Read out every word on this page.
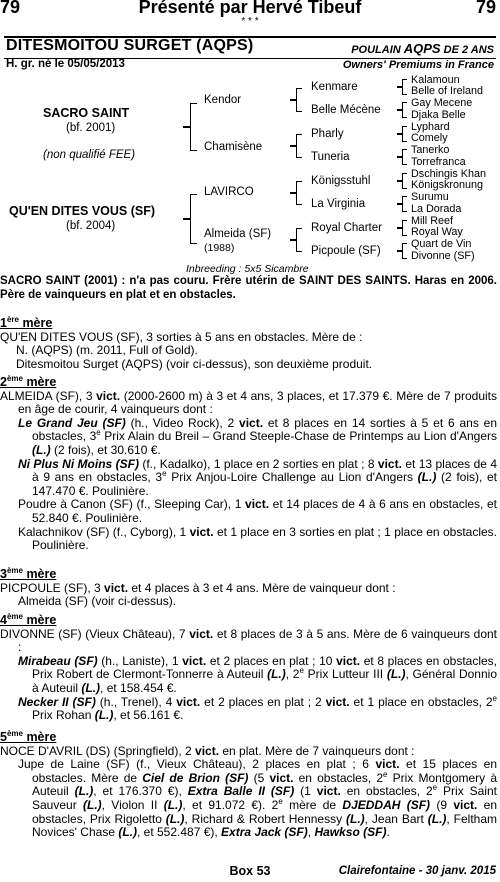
79	Présenté par Hervé Tibeuf	79
* * *
DITESMOITOU SURGET (AQPS)	POULAIN AQPS DE 2 ANS
H. gr. né le 05/05/2013	Owners' Premiums in France
SACRO SAINT
(bf. 2001)
(non qualifié FEE)
QU'EN DITES VOUS (SF)
(bf. 2004)
Kendor
Chamisène
LAVIRCO
Almeida (SF)
(1988)
Kenmare
Belle Mécène
Pharly
Tuneria
Königsstuhl
La Virginia
Royal Charter
Picpoule (SF)
Kalamoun
Belle of Ireland
Gay Mecene
Djaka Belle
Lyphard
Comely
Tanerko
Torrefranca
Dschingis Khan
Königskronung
Surumu
La Dorada
Mill Reef
Royal Way
Quart de Vin
Divonne (SF)
Inbreeding : 5x5 Sicambre
SACRO SAINT (2001) : n'a pas couru. Frère utérin de SAINT DES SAINTS. Haras en 2006. Père de vainqueurs en plat et en obstacles.
1ère mère
QU'EN DITES VOUS (SF), 3 sorties à 5 ans en obstacles. Mère de :
N. (AQPS) (m. 2011, Full of Gold).
Ditesmoitou Surget (AQPS) (voir ci-dessus), son deuxième produit.
2ème mère
ALMEIDA (SF), 3 vict. (2000-2600 m) à 3 et 4 ans, 3 places, et 17.379 €. Mère de 7 produits en âge de courir, 4 vainqueurs dont :
Le Grand Jeu (SF) (h., Video Rock), 2 vict. et 8 places en 14 sorties à 5 et 6 ans en obstacles, 3e Prix Alain du Breil – Grand Steeple-Chase de Printemps au Lion d'Angers (L.) (2 fois), et 30.610 €.
Ni Plus Ni Moins (SF) (f., Kadalko), 1 place en 2 sorties en plat ; 8 vict. et 13 places de 4 à 9 ans en obstacles, 3e Prix Anjou-Loire Challenge au Lion d'Angers (L.) (2 fois), et 147.470 €. Poulinière.
Poudre à Canon (SF) (f., Sleeping Car), 1 vict. et 14 places de 4 à 6 ans en obstacles, et 52.840 €. Poulinière.
Kalachnikov (SF) (f., Cyborg), 1 vict. et 1 place en 3 sorties en plat ; 1 place en obstacles. Poulinière.
3ème mère
PICPOULE (SF), 3 vict. et 4 places à 3 et 4 ans. Mère de vainqueur dont :
Almeida (SF) (voir ci-dessus).
4ème mère
DIVONNE (SF) (Vieux Château), 7 vict. et 8 places de 3 à 5 ans. Mère de 6 vainqueurs dont :
Mirabeau (SF) (h., Laniste), 1 vict. et 2 places en plat ; 10 vict. et 8 places en obstacles, Prix Robert de Clermont-Tonnerre à Auteuil (L.), 2e Prix Lutteur III (L.), Général Donnio à Auteuil (L.), et 158.454 €.
Necker II (SF) (h., Trenel), 4 vict. et 2 places en plat ; 2 vict. et 1 place en obstacles, 2e Prix Rohan (L.), et 56.161 €.
5ème mère
NOCE D'AVRIL (DS) (Springfield), 2 vict. en plat. Mère de 7 vainqueurs dont :
Jupe de Laine (SF) (f., Vieux Château), 2 places en plat ; 6 vict. et 15 places en obstacles. Mère de Ciel de Brion (SF) (5 vict. en obstacles, 2e Prix Montgomery à Auteuil (L.), et 176.370 €), Extra Balle II (SF) (1 vict. en obstacles, 2e Prix Saint Sauveur (L.), Violon II (L.), et 91.072 €). 2e mère de DJEDDAH (SF) (9 vict. en obstacles, Prix Rigoletto (L.), Richard & Robert Hennessy (L.), Jean Bart (L.), Feltham Novices' Chase (L.), et 552.487 €), Extra Jack (SF), Hawkso (SF).
Box 53	Clairefontaine - 30 janv. 2015
